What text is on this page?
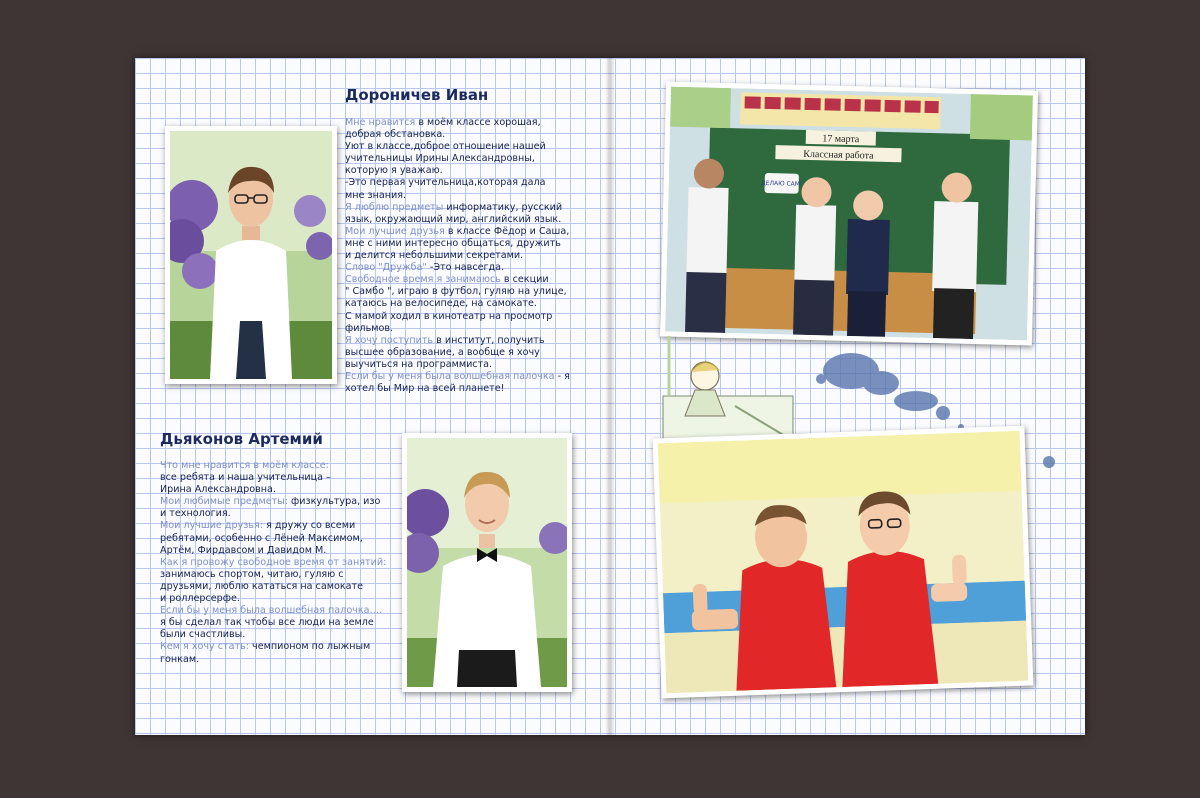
Дороничев Иван

Мне нравится в моём классе хорошая,

добрая обстановка.

Уют в классе,доброе отношение нашей

учительницы Ирины Александровны,

которую я уважаю.

-Это первая учительница,которая дала

мне знания.

Я люблю предметы информатику, русский

язык, окружающий мир, английский язык.

Мои лучшие друзья в классе Фёдор и Саша,

мне с ними интересно общаться, дружить

и делится небольшими секретами.

Слово "Дружба" -Это навсегда.

Свободное время я занимаюсь в секции

" Самбо ", играю в футбол, гуляю на улице,

катаюсь на велосипеде, на самокате.

С мамой ходил в кинотеатр на просмотр

фильмов.

Я хочу поступить в институт, получить

высшее образование, а вообще я хочу

выучиться на программиста.

Если бы у меня была волшебная палочка - я

хотел бы Мир на всей планете!

Дьяконов Артемий

Что мне нравится в моём классе:

все ребята и наша учительница –

Ирина Александровна.

Мои любимые предметы: физкультура, изо

и технология.

Мои лучшие друзья: я дружу со всеми

ребятами, особенно с Лёней Максимом,

Артём, Фирдавсом и Давидом М.

Как я провожу свободное время от занятий:

занимаюсь спортом, читаю, гуляю с

друзьями, люблю кататься на самокате

и роллерсерфе.

Если бы у меня была волшебная палочка….

я бы сделал так чтобы все люди на земле

были счастливы.

Кем я хочу стать: чемпионом по лыжным

гонкам.

17 марта
Классная работа
ДЕЛАЮ САМ!
